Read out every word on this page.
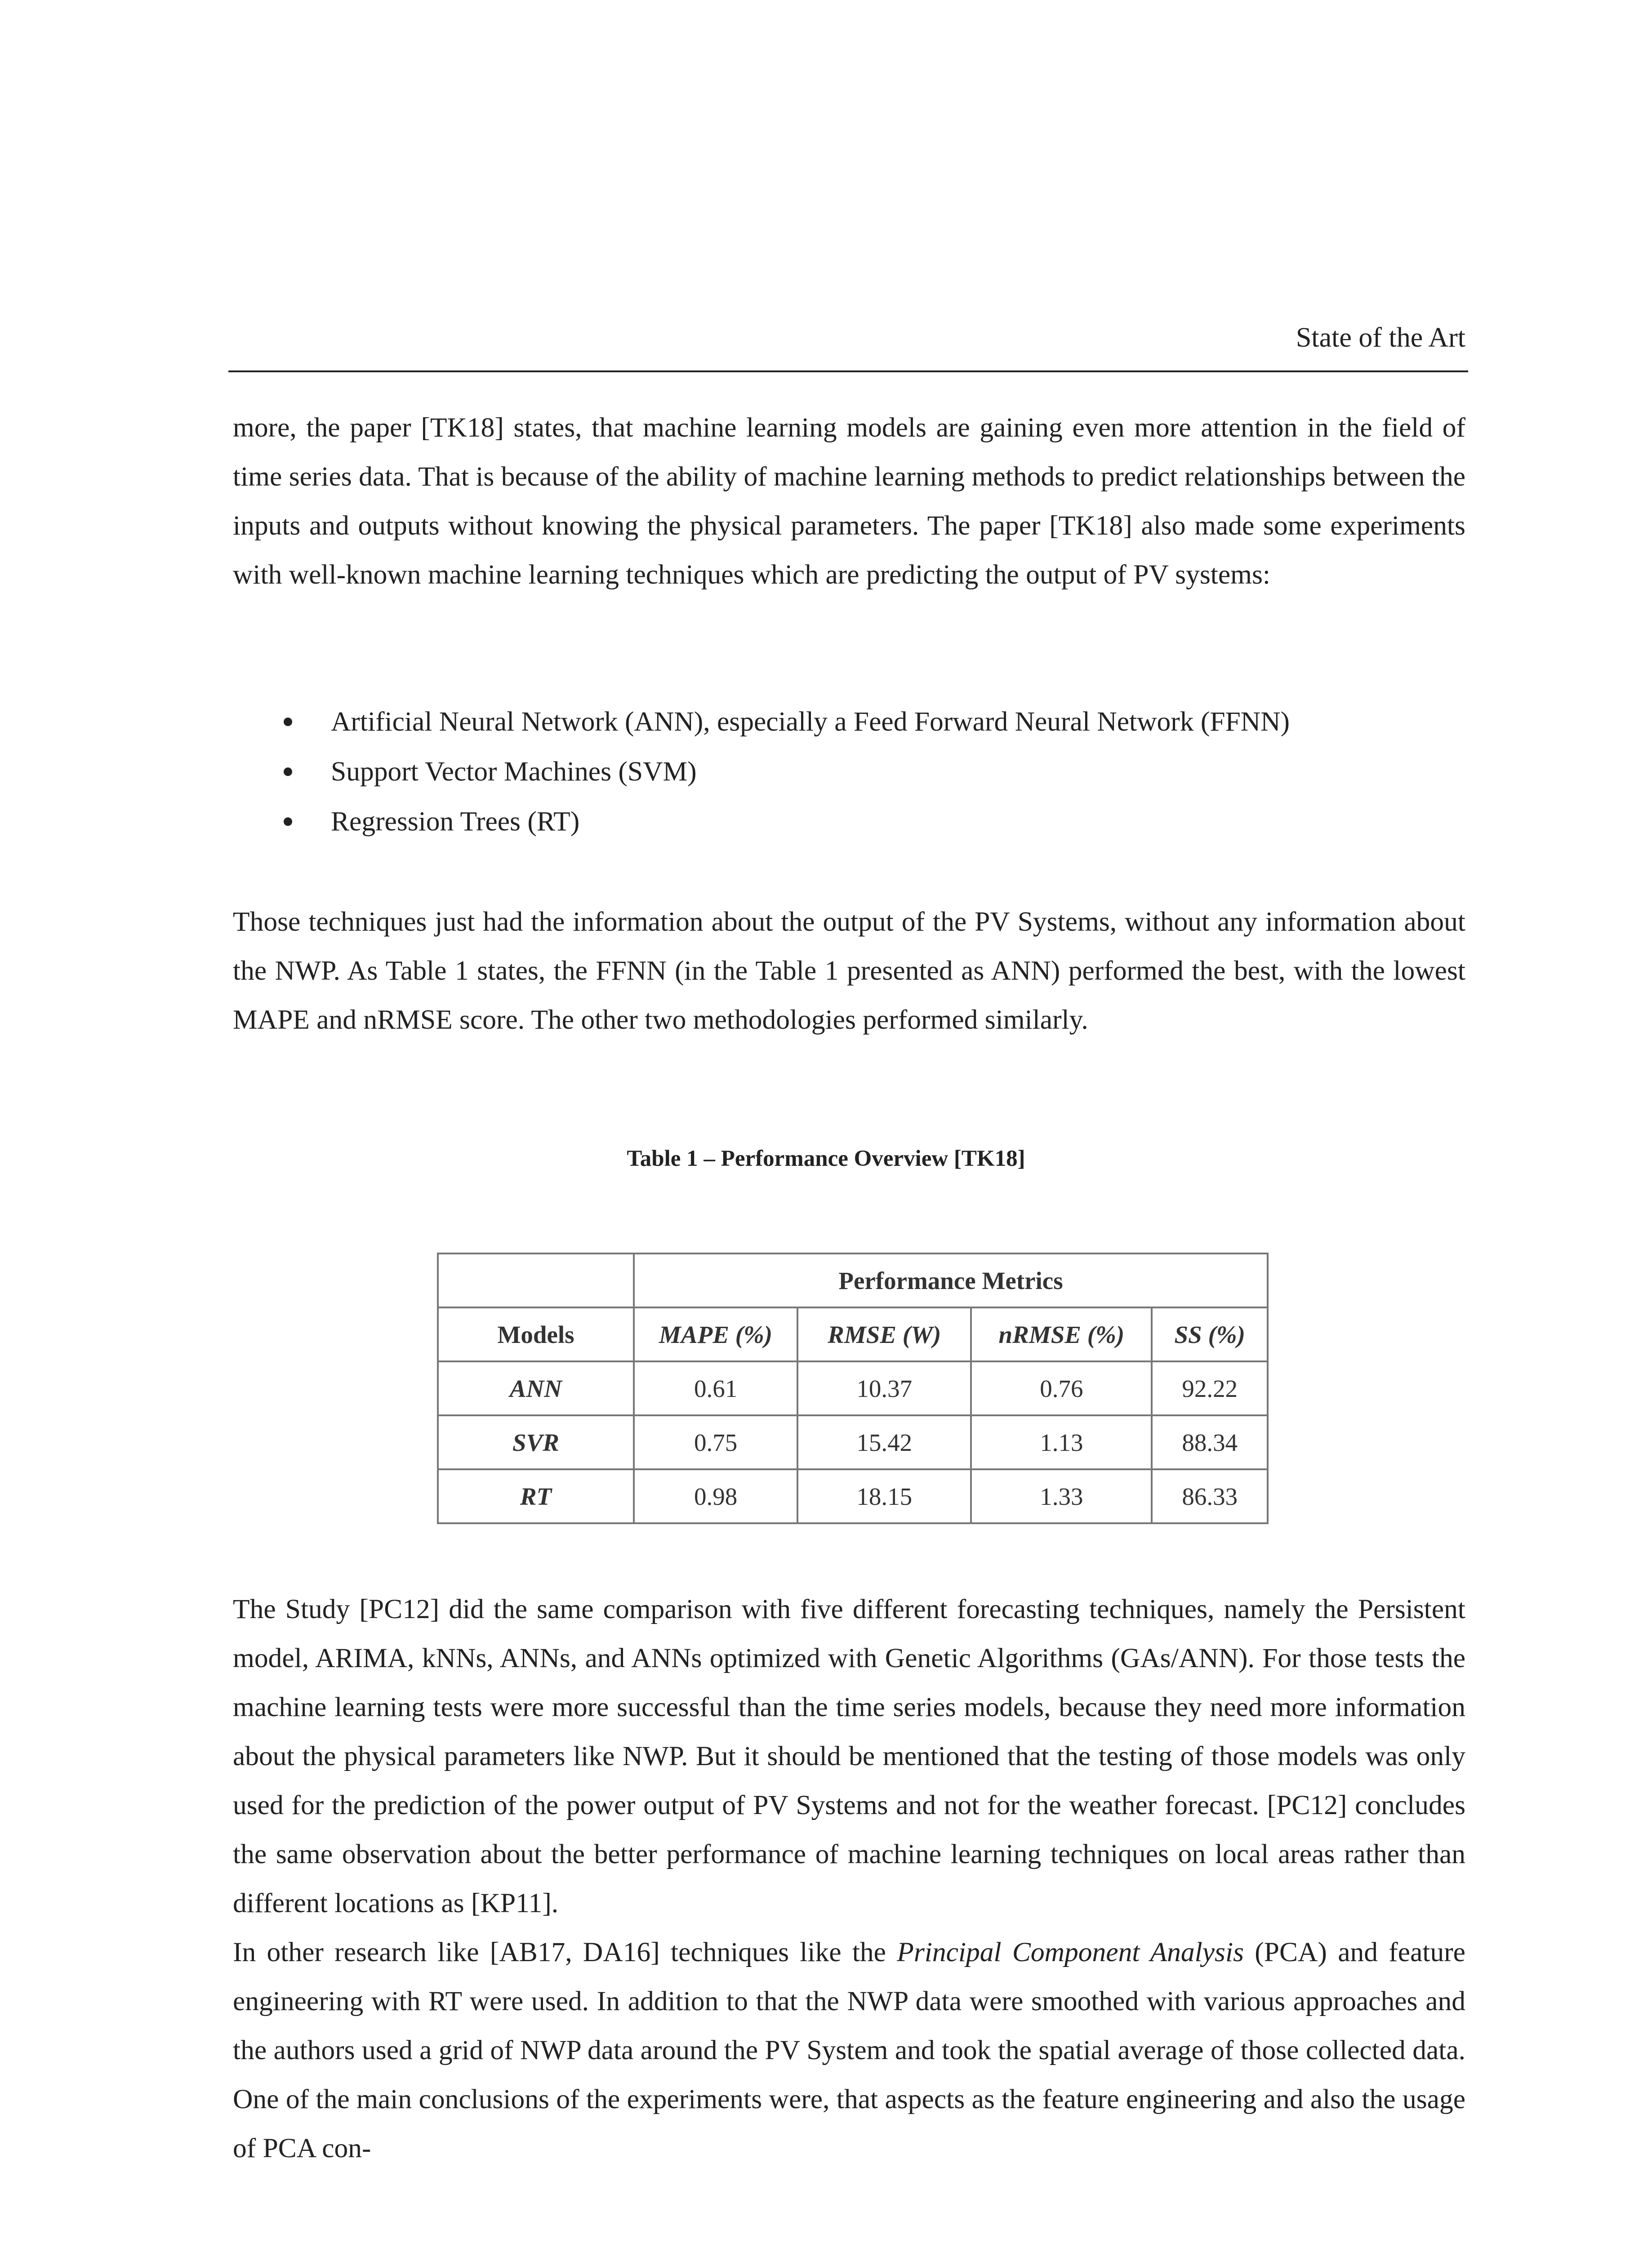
State of the Art

more, the paper [TK18] states, that machine learning models are gaining even more attention in the field of time series data. That is because of the ability of machine learning methods to predict relationships between the inputs and outputs without knowing the physical parameters. The paper [TK18] also made some experiments with well-known machine learning techniques which are predicting the output of PV systems:

Artificial Neural Network (ANN), especially a Feed Forward Neural Network (FFNN)
Support Vector Machines (SVM)
Regression Trees (RT)

Those techniques just had the information about the output of the PV Systems, without any information about the NWP. As Table 1 states, the FFNN (in the Table 1 presented as ANN) performed the best, with the lowest MAPE and nRMSE score. The other two methodologies performed similarly.

Table 1 – Performance Overview [TK18]
	Performance Metrics			
Models	MAPE (%)	RMSE (W)	nRMSE (%)	SS (%)
ANN	0.61	10.37	0.76	92.22
SVR	0.75	15.42	1.13	88.34
RT	0.98	18.15	1.33	86.33

The Study [PC12] did the same comparison with five different forecasting techniques, namely the Persistent model, ARIMA, kNNs, ANNs, and ANNs optimized with Genetic Algorithms (GAs/ANN). For those tests the machine learning tests were more successful than the time series models, because they need more information about the physical parameters like NWP. But it should be mentioned that the testing of those models was only used for the prediction of the power output of PV Systems and not for the weather forecast. [PC12] concludes the same observation about the better performance of machine learning techniques on local areas rather than different locations as [KP11].

In other research like [AB17, DA16] techniques like the Principal Component Analysis (PCA) and feature engineering with RT were used. In addition to that the NWP data were smoothed with various approaches and the authors used a grid of NWP data around the PV System and took the spatial average of those collected data. One of the main conclusions of the experiments were, that aspects as the feature engineering and also the usage of PCA con-
